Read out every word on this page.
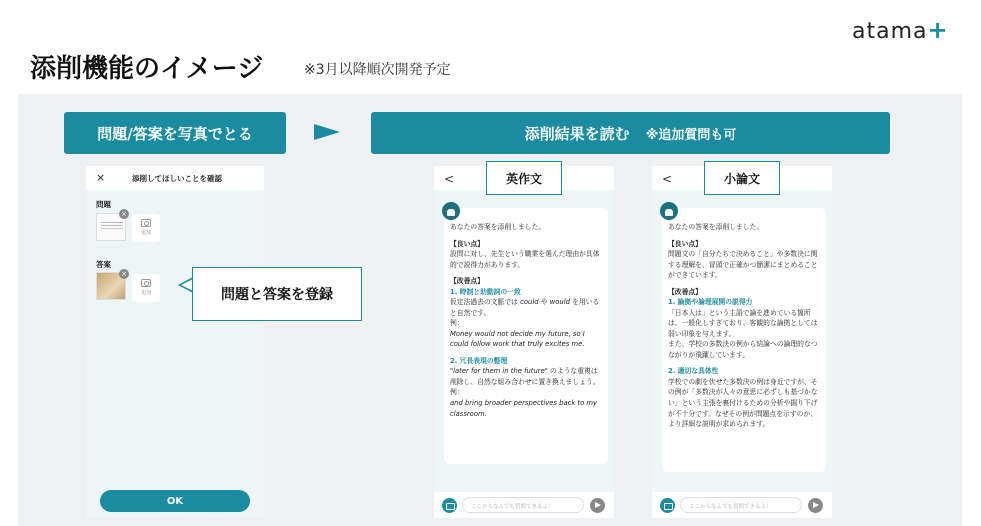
atama+
添削機能のイメージ	※3月以降順次開発予定
問題/答案を写真でとる	添削結果を読む ※追加質問も可
×	添削してほしいことを確認
問題
×
追加
答案
×
追加
OK
問題と答案を登録
<

あなたの答案を添削しました。

【良い点】

設問に対し、先生という職業を選んだ理由が具体的で説得力があります。

【改善点】

1. 時制と助動詞の一致

仮定法過去の文脈では could や would を用いると自然です。

例：

Money would not decide my future, so I could follow work that truly excites me.

2. 冗長表現の整理

"later for them in the future" のような重複は削除し、自然な組み合わせに置き換えましょう。

例：

and bring broader perspectives back to my classroom.

ここからなんでも質問できるよ！
英作文	<

あなたの答案を添削しました。

【良い点】

問題文の「自分たちで決めること」や多数決に関する理解を、冒頭で正確かつ簡潔にまとめることができています。

【改善点】

1. 論拠や論理展開の説得力

「日本人は」という主語で論を進めている箇所は、一般化しすぎており、客観的な論拠としては弱い印象を与えます。

また、学校の多数決の例から結論への論理的なつながりが飛躍しています。

2. 適切な具体性

学校での劇を伏せた多数決の例は身近ですが、その例が「多数決が人々の意思に必ずしも基づかない」という主張を裏付けるための分析や掘り下げが不十分です。なぜその例が問題点を示すのか、より詳細な説明が求められます。

ここからなんでも質問できるよ！
小論文
